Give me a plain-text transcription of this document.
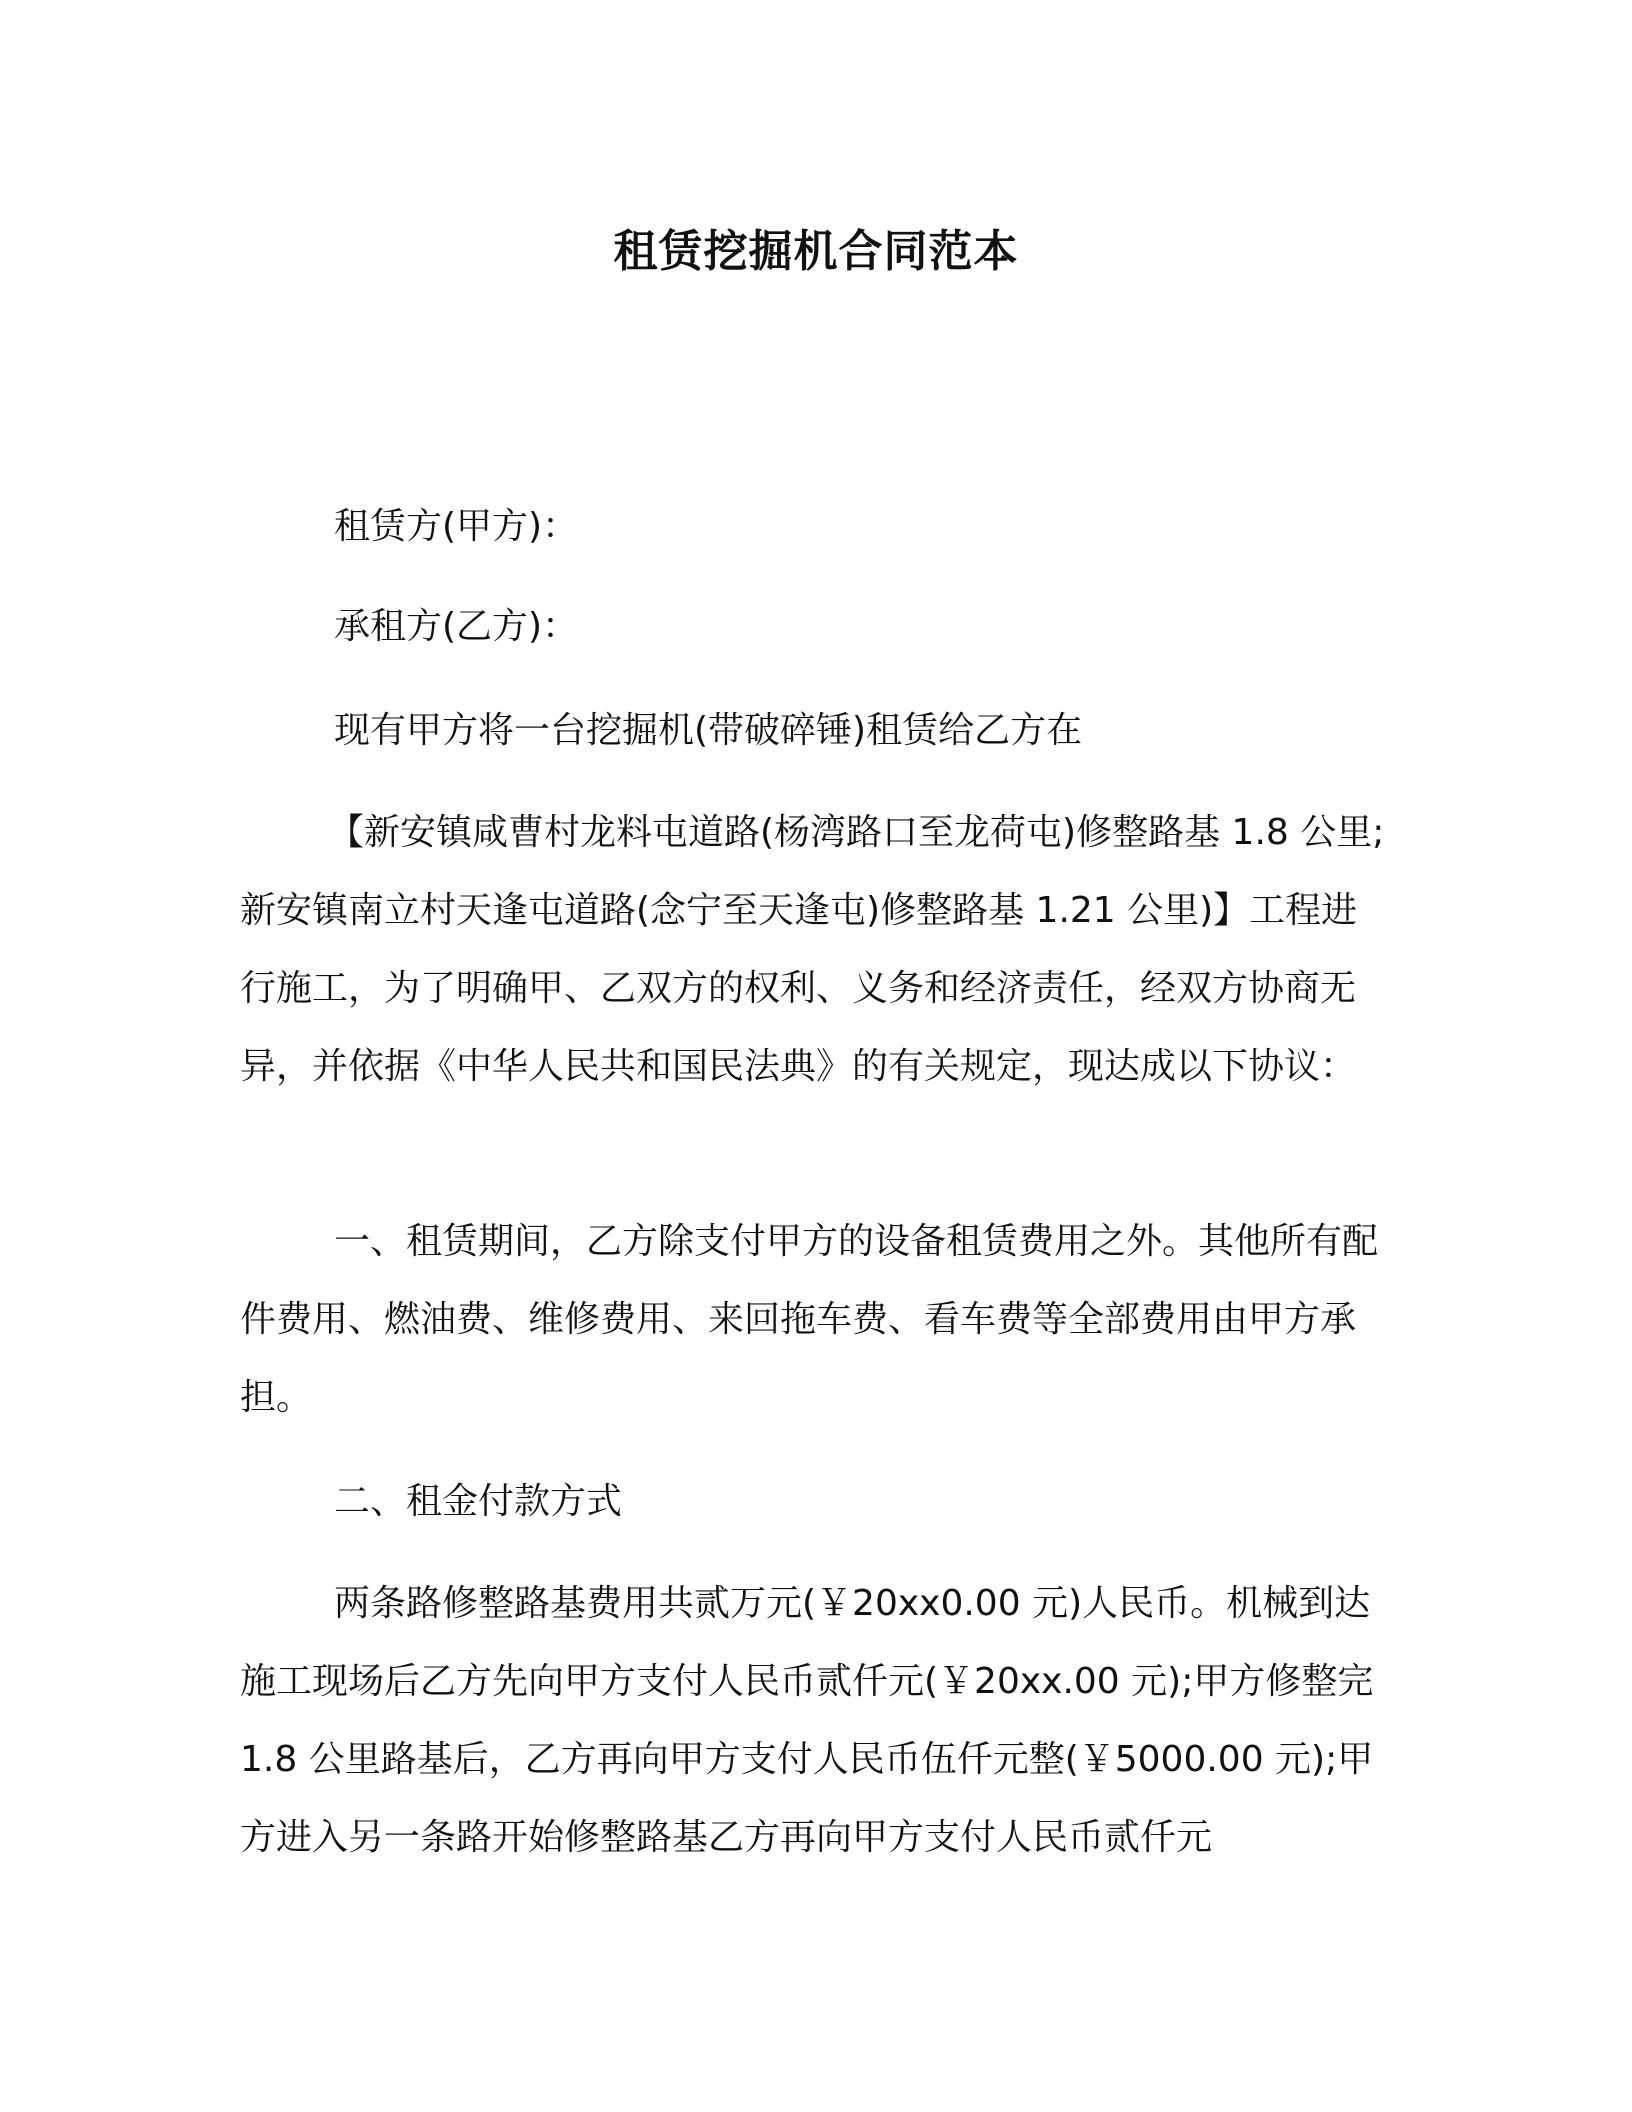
租赁挖掘机合同范本

租赁方(甲方)：

承租方(乙方)：

现有甲方将一台挖掘机(带破碎锤)租赁给乙方在

【新安镇咸曹村龙料屯道路(杨湾路口至龙荷屯)修整路基 1.8 公里;新安镇南立村天逢屯道路(念宁至天逢屯)修整路基 1.21 公里)】工程进行施工，为了明确甲、乙双方的权利、义务和经济责任，经双方协商无异，并依据《中华人民共和国民法典》的有关规定，现达成以下协议：

一、租赁期间，乙方除支付甲方的设备租赁费用之外。其他所有配件费用、燃油费、维修费用、来回拖车费、看车费等全部费用由甲方承担。

二、租金付款方式

两条路修整路基费用共贰万元(￥20xx0.00 元)人民币。机械到达施工现场后乙方先向甲方支付人民币贰仟元(￥20xx.00 元);甲方修整完 1.8 公里路基后，乙方再向甲方支付人民币伍仟元整(￥5000.00 元);甲方进入另一条路开始修整路基乙方再向甲方支付人民币贰仟元
